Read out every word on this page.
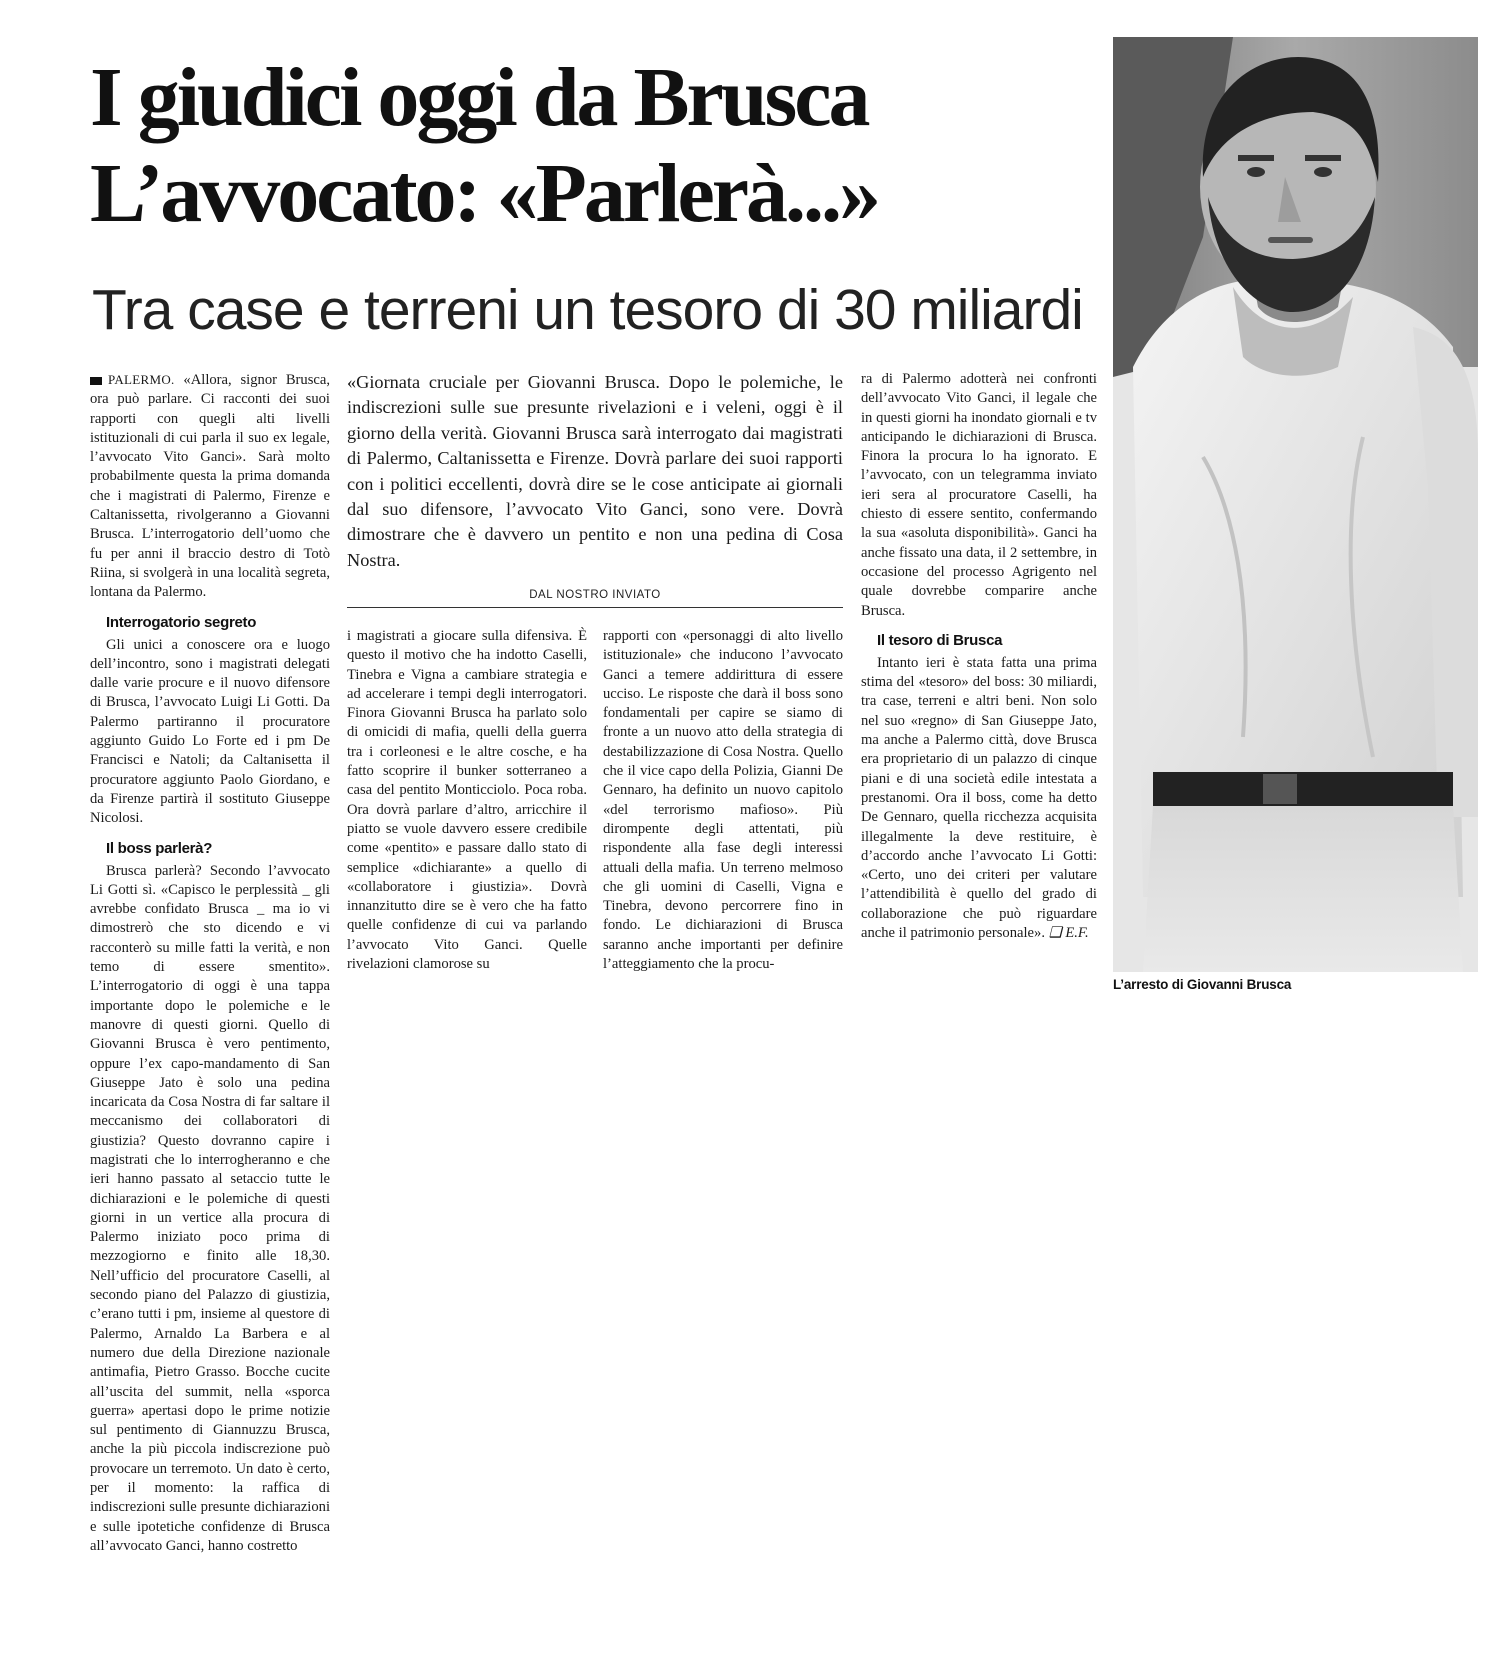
I giudici oggi da Brusca
L’avvocato: «Parlerà...»
Tra case e terreni un tesoro di 30 miliardi

PALERMO. «Allora, signor Brusca, ora può parlare. Ci racconti dei suoi rapporti con quegli alti livelli istituzionali di cui parla il suo ex legale, l’avvocato Vito Ganci». Sarà molto probabilmente questa la prima domanda che i magistrati di Palermo, Firenze e Caltanissetta, rivolgeranno a Giovanni Brusca. L’interrogatorio dell’uomo che fu per anni il braccio destro di Totò Riina, si svolgerà in una località segreta, lontana da Palermo.

Interrogatorio segreto

Gli unici a conoscere ora e luogo dell’incontro, sono i magistrati delegati dalle varie procure e il nuovo difensore di Brusca, l’avvocato Luigi Li Gotti. Da Palermo partiranno il procuratore aggiunto Guido Lo Forte ed i pm De Francisci e Natoli; da Caltanisetta il procuratore aggiunto Paolo Giordano, e da Firenze partirà il sostituto Giuseppe Nicolosi.

Il boss parlerà?

Brusca parlerà? Secondo l’avvocato Li Gotti sì. «Capisco le perplessità _ gli avrebbe confidato Brusca _ ma io vi dimostrerò che sto dicendo e vi racconterò su mille fatti la verità, e non temo di essere smentito». L’interrogatorio di oggi è una tappa importante dopo le polemiche e le manovre di questi giorni. Quello di Giovanni Brusca è vero pentimento, oppure l’ex capo-mandamento di San Giuseppe Jato è solo una pedina incaricata da Cosa Nostra di far saltare il meccanismo dei collaboratori di giustizia? Questo dovranno capire i magistrati che lo interrogheranno e che ieri hanno passato al setaccio tutte le dichiarazioni e le polemiche di questi giorni in un vertice alla procura di Palermo iniziato poco prima di mezzogiorno e finito alle 18,30. Nell’ufficio del procuratore Caselli, al secondo piano del Palazzo di giustizia, c’erano tutti i pm, insieme al questore di Palermo, Arnaldo La Barbera e al numero due della Direzione nazionale antimafia, Pietro Grasso. Bocche cucite all’uscita del summit, nella «sporca guerra» apertasi dopo le prime notizie sul pentimento di Giannuzzu Brusca, anche la più piccola indiscrezione può provocare un terremoto. Un dato è certo, per il momento: la raffica di indiscrezioni sulle presunte dichiarazioni e sulle ipotetiche confidenze di Brusca all’avvocato Ganci, hanno costretto

«Giornata cruciale per Giovanni Brusca. Dopo le polemiche, le indiscrezioni sulle sue presunte rivelazioni e i veleni, oggi è il giorno della verità. Giovanni Brusca sarà interrogato dai magistrati di Palermo, Caltanissetta e Firenze. Dovrà parlare dei suoi rapporti con i politici eccellenti, dovrà dire se le cose anticipate ai giornali dal suo difensore, l’avvocato Vito Ganci, sono vere. Dovrà dimostrare che è davvero un pentito e non una pedina di Cosa Nostra.

DAL NOSTRO INVIATO

i magistrati a giocare sulla difensiva. È questo il motivo che ha indotto Caselli, Tinebra e Vigna a cambiare strategia e ad accelerare i tempi degli interrogatori. Finora Giovanni Brusca ha parlato solo di omicidi di mafia, quelli della guerra tra i corleonesi e le altre cosche, e ha fatto scoprire il bunker sotterraneo a casa del pentito Monticciolo. Poca roba. Ora dovrà parlare d’altro, arricchire il piatto se vuole davvero essere credibile come «pentito» e passare dallo stato di semplice «dichiarante» a quello di «collaboratore i giustizia». Dovrà innanzitutto dire se è vero che ha fatto quelle confidenze di cui va parlando l’avvocato Vito Ganci. Quelle rivelazioni clamorose su

rapporti con «personaggi di alto livello istituzionale» che inducono l’avvocato Ganci a temere addirittura di essere ucciso. Le risposte che darà il boss sono fondamentali per capire se siamo di fronte a un nuovo atto della strategia di destabilizzazione di Cosa Nostra. Quello che il vice capo della Polizia, Gianni De Gennaro, ha definito un nuovo capitolo «del terrorismo mafioso». Più dirompente degli attentati, più rispondente alla fase degli interessi attuali della mafia. Un terreno melmoso che gli uomini di Caselli, Vigna e Tinebra, devono percorrere fino in fondo. Le dichiarazioni di Brusca saranno anche importanti per definire l’atteggiamento che la procu-

ra di Palermo adotterà nei confronti dell’avvocato Vito Ganci, il legale che in questi giorni ha inondato giornali e tv anticipando le dichiarazioni di Brusca. Finora la procura lo ha ignorato. E l’avvocato, con un telegramma inviato ieri sera al procuratore Caselli, ha chiesto di essere sentito, confermando la sua «asoluta disponibilità». Ganci ha anche fissato una data, il 2 settembre, in occasione del processo Agrigento nel quale dovrebbe comparire anche Brusca.

Il tesoro di Brusca

Intanto ieri è stata fatta una prima stima del «tesoro» del boss: 30 miliardi, tra case, terreni e altri beni. Non solo nel suo «regno» di San Giuseppe Jato, ma anche a Palermo città, dove Brusca era proprietario di un palazzo di cinque piani e di una società edile intestata a prestanomi. Ora il boss, come ha detto De Gennaro, quella ricchezza acquisita illegalmente la deve restituire, è d’accordo anche l’avvocato Li Gotti: «Certo, uno dei criteri per valutare l’attendibilità è quello del grado di collaborazione che può riguardare anche il patrimonio personale». ❑ E.F.

L’arresto di Giovanni Brusca
